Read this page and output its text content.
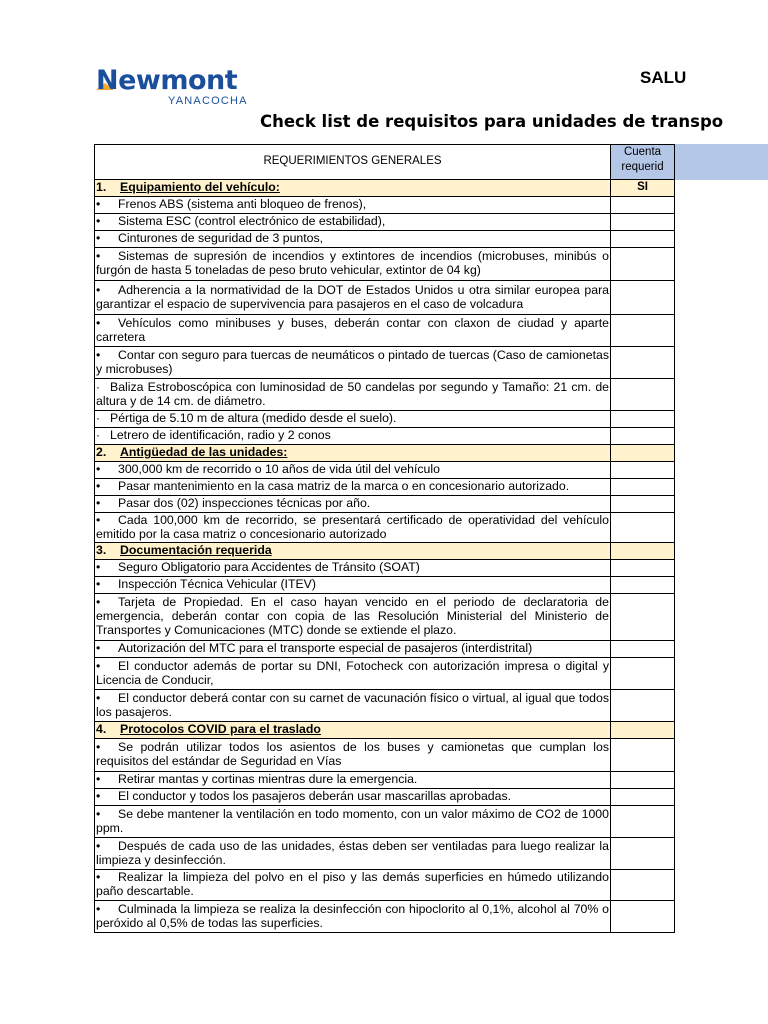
Newmont
YANACOCHA
SALU
Check list de requisitos para unidades de transpo
REQUERIMIENTOS GENERALES	Cuenta
requerid
1. Equipamiento del vehículo:	SI
• Frenos ABS (sistema anti bloqueo de frenos),	
• Sistema ESC (control electrónico de estabilidad),	
• Cinturones de seguridad de 3 puntos,	
• Sistemas de supresión de incendios y extintores de incendios (microbuses, minibús o furgón de hasta 5 toneladas de peso bruto vehicular, extintor de 04 kg)	
• Adherencia a la normatividad de la DOT de Estados Unidos u otra similar europea para garantizar el espacio de supervivencia para pasajeros en el caso de volcadura	
• Vehículos como minibuses y buses, deberán contar con claxon de ciudad y aparte carretera	
• Contar con seguro para tuercas de neumáticos o pintado de tuercas (Caso de camionetas y microbuses)	
· Baliza Estroboscópica con luminosidad de 50 candelas por segundo y Tamaño: 21 cm. de altura y de 14 cm. de diámetro.	
· Pértiga de 5.10 m de altura (medido desde el suelo).	
· Letrero de identificación, radio y 2 conos	
2. Antigüedad de las unidades:	
• 300,000 km de recorrido o 10 años de vida útil del vehículo	
• Pasar mantenimiento en la casa matriz de la marca o en concesionario autorizado.	
• Pasar dos (02) inspecciones técnicas por año.	
• Cada 100,000 km de recorrido, se presentará certificado de operatividad del vehículo emitido por la casa matriz o concesionario autorizado	
3. Documentación requerida	
• Seguro Obligatorio para Accidentes de Tránsito (SOAT)	
• Inspección Técnica Vehicular (ITEV)	
• Tarjeta de Propiedad. En el caso hayan vencido en el periodo de declaratoria de emergencia, deberán contar con copia de las Resolución Ministerial del Ministerio de Transportes y Comunicaciones (MTC) donde se extiende el plazo.	
• Autorización del MTC para el transporte especial de pasajeros (interdistrital)	
• El conductor además de portar su DNI, Fotocheck con autorización impresa o digital y Licencia de Conducir,	
• El conductor deberá contar con su carnet de vacunación físico o virtual, al igual que todos los pasajeros.	
4. Protocolos COVID para el traslado	
• Se podrán utilizar todos los asientos de los buses y camionetas que cumplan los requisitos del estándar de Seguridad en Vías	
• Retirar mantas y cortinas mientras dure la emergencia.	
• El conductor y todos los pasajeros deberán usar mascarillas aprobadas.	
• Se debe mantener la ventilación en todo momento, con un valor máximo de CO2 de 1000 ppm.	
• Después de cada uso de las unidades, éstas deben ser ventiladas para luego realizar la limpieza y desinfección.	
• Realizar la limpieza del polvo en el piso y las demás superficies en húmedo utilizando paño descartable.	
• Culminada la limpieza se realiza la desinfección con hipoclorito al 0,1%, alcohol al 70% o peróxido al 0,5% de todas las superficies.	
